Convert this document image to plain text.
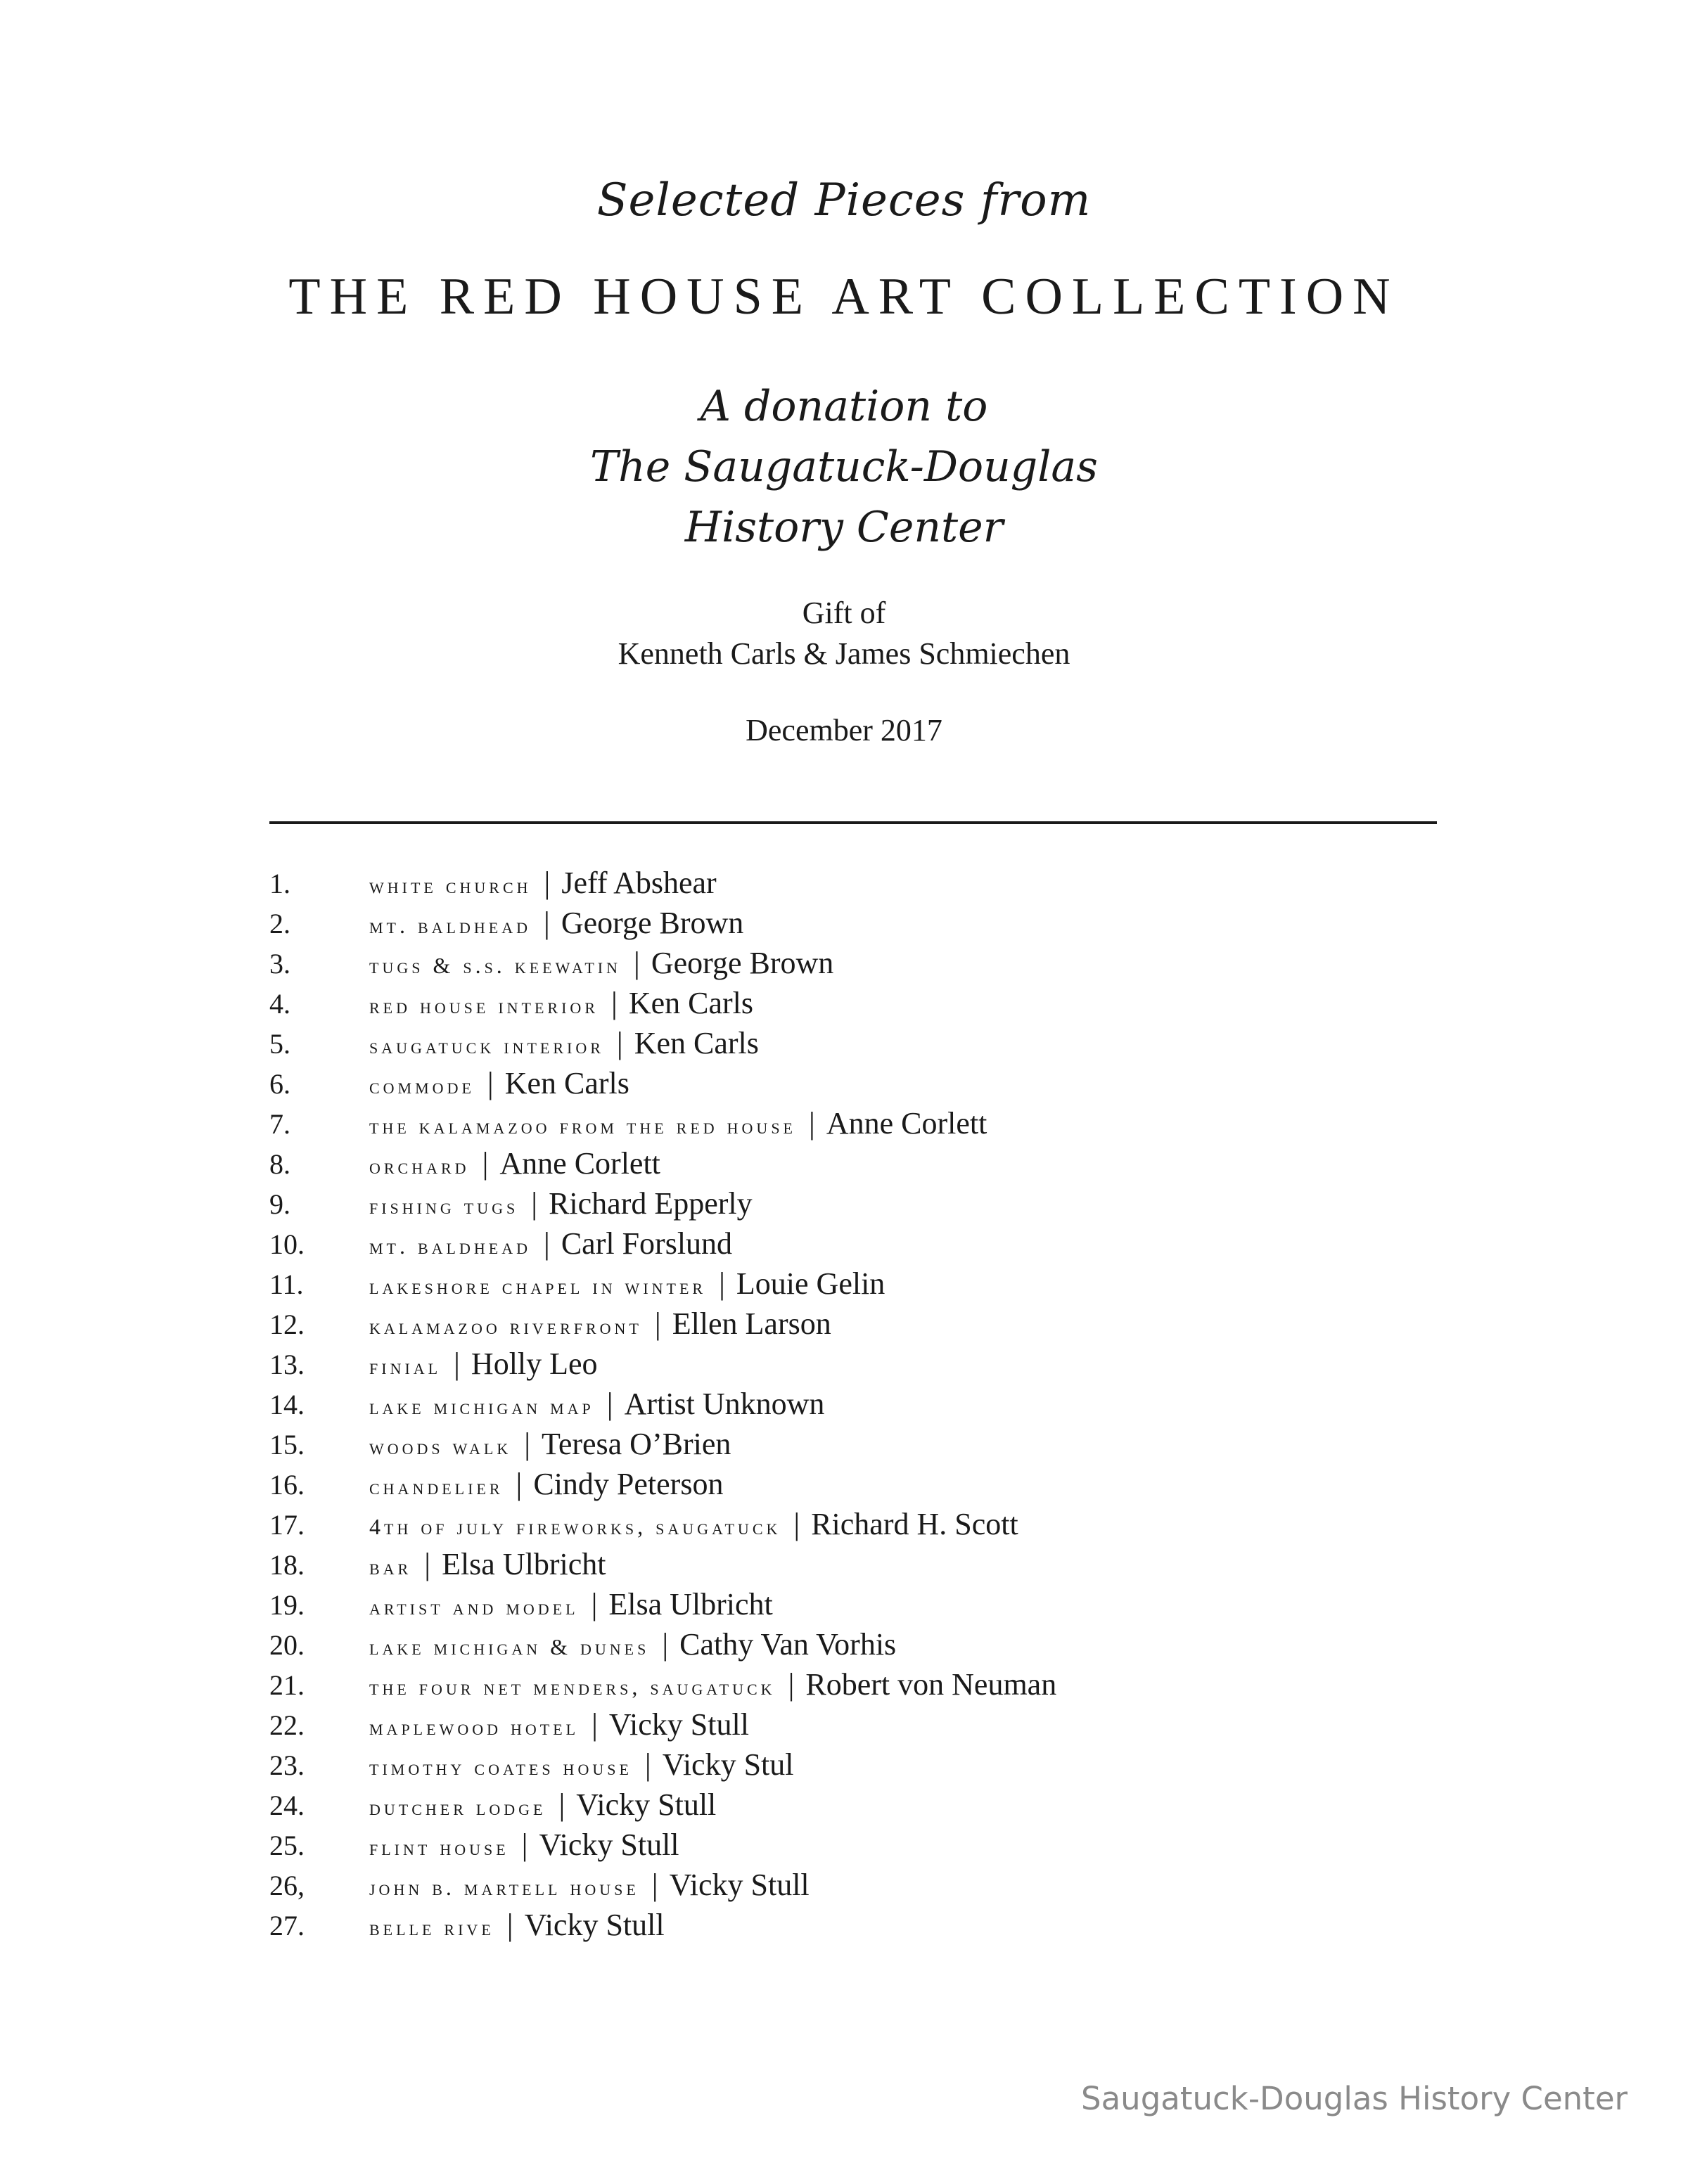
Selected Pieces from
THE RED HOUSE ART COLLECTION
A donation to
The Saugatuck-Douglas
History Center
Gift of
Kenneth Carls & James Schmiechen
December 2017
1.	white church | Jeff Abshear
2.	mt. baldhead | George Brown
3.	tugs & s.s. keewatin | George Brown
4.	red house interior | Ken Carls
5.	saugatuck interior | Ken Carls
6.	commode | Ken Carls
7.	the kalamazoo from the red house | Anne Corlett
8.	orchard | Anne Corlett
9.	fishing tugs | Richard Epperly
10.	mt. baldhead | Carl Forslund
11.	lakeshore chapel in winter | Louie Gelin
12.	kalamazoo riverfront | Ellen Larson
13.	finial | Holly Leo
14.	lake michigan map | Artist Unknown
15.	woods walk | Teresa O’Brien
16.	chandelier | Cindy Peterson
17.	4th of july fireworks, saugatuck | Richard H. Scott
18.	bar | Elsa Ulbricht
19.	artist and model | Elsa Ulbricht
20.	lake michigan & dunes | Cathy Van Vorhis
21.	the four net menders, saugatuck | Robert von Neuman
22.	maplewood hotel | Vicky Stull
23.	timothy coates house | Vicky Stul
24.	dutcher lodge | Vicky Stull
25.	flint house | Vicky Stull
26,	john b. martell house | Vicky Stull
27.	belle rive | Vicky Stull
Saugatuck-Douglas History Center
